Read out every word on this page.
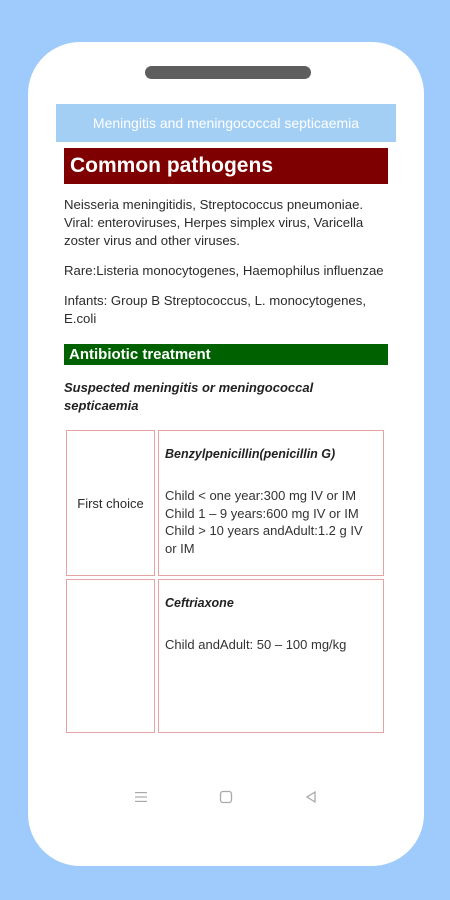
Meningitis and meningococcal septicaemia
Common pathogens

Neisseria meningitidis, Streptococcus pneumoniae. Viral: enteroviruses, Herpes simplex virus, Varicella zoster virus and other viruses.

Rare:Listeria monocytogenes, Haemophilus influenzae

Infants: Group B Streptococcus, L. monocytogenes, E.coli

Antibiotic treatment
Suspected meningitis or meningococcal septicaemia
First choice	Benzylpenicillin(penicillin G)
Child < one year:300 mg IV or IM
Child 1 – 9 years:600 mg IV or IM
Child > 10 years andAdult:1.2 g IV or IM

	Ceftriaxone
Child andAdult: 50 – 100 mg/kg
